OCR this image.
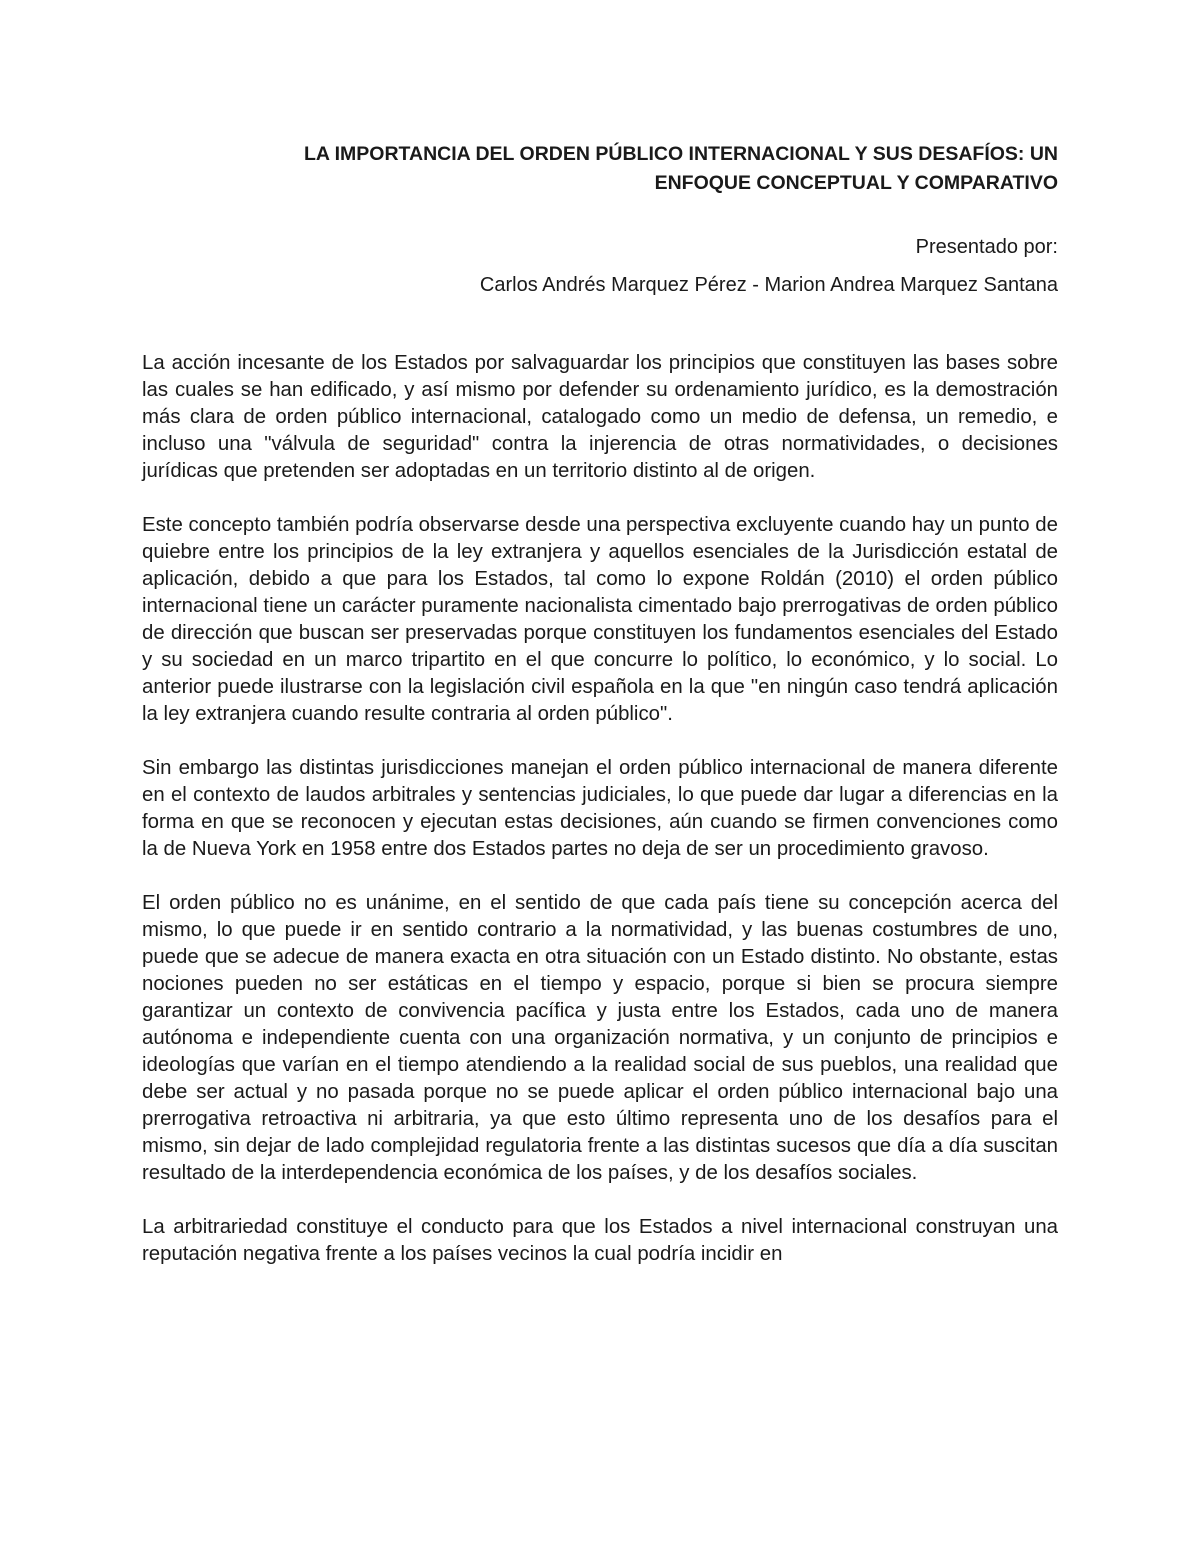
LA IMPORTANCIA DEL ORDEN PÚBLICO INTERNACIONAL Y SUS DESAFÍOS: UN
ENFOQUE CONCEPTUAL Y COMPARATIVO
Presentado por:
Carlos Andrés Marquez Pérez - Marion Andrea Marquez Santana

La acción incesante de los Estados por salvaguardar los principios que constituyen las bases sobre las cuales se han edificado, y así mismo por defender su ordenamiento jurídico, es la demostración más clara de orden público internacional, catalogado como un medio de defensa, un remedio, e incluso una "válvula de seguridad" contra la injerencia de otras normatividades, o decisiones jurídicas que pretenden ser adoptadas en un territorio distinto al de origen.

Este concepto también podría observarse desde una perspectiva excluyente cuando hay un punto de quiebre entre los principios de la ley extranjera y aquellos esenciales de la Jurisdicción estatal de aplicación, debido a que para los Estados, tal como lo expone Roldán (2010) el orden público internacional tiene un carácter puramente nacionalista cimentado bajo prerrogativas de orden público de dirección que buscan ser preservadas porque constituyen los fundamentos esenciales del Estado y su sociedad en un marco tripartito en el que concurre lo político, lo económico, y lo social. Lo anterior puede ilustrarse con la legislación civil española en la que "en ningún caso tendrá aplicación la ley extranjera cuando resulte contraria al orden público".

Sin embargo las distintas jurisdicciones manejan el orden público internacional de manera diferente en el contexto de laudos arbitrales y sentencias judiciales, lo que puede dar lugar a diferencias en la forma en que se reconocen y ejecutan estas decisiones, aún cuando se firmen convenciones como la de Nueva York en 1958 entre dos Estados partes no deja de ser un procedimiento gravoso.

El orden público no es unánime, en el sentido de que cada país tiene su concepción acerca del mismo, lo que puede ir en sentido contrario a la normatividad, y las buenas costumbres de uno, puede que se adecue de manera exacta en otra situación con un Estado distinto. No obstante, estas nociones pueden no ser estáticas en el tiempo y espacio, porque si bien se procura siempre garantizar un contexto de convivencia pacífica y justa entre los Estados, cada uno de manera autónoma e independiente cuenta con una organización normativa, y un conjunto de principios e ideologías que varían en el tiempo atendiendo a la realidad social de sus pueblos, una realidad que debe ser actual y no pasada porque no se puede aplicar el orden público internacional bajo una prerrogativa retroactiva ni arbitraria, ya que esto último representa uno de los desafíos para el mismo, sin dejar de lado complejidad regulatoria frente a las distintas sucesos que día a día suscitan resultado de la interdependencia económica de los países, y de los desafíos sociales.

La arbitrariedad constituye el conducto para que los Estados a nivel internacional construyan una reputación negativa frente a los países vecinos la cual podría incidir en
